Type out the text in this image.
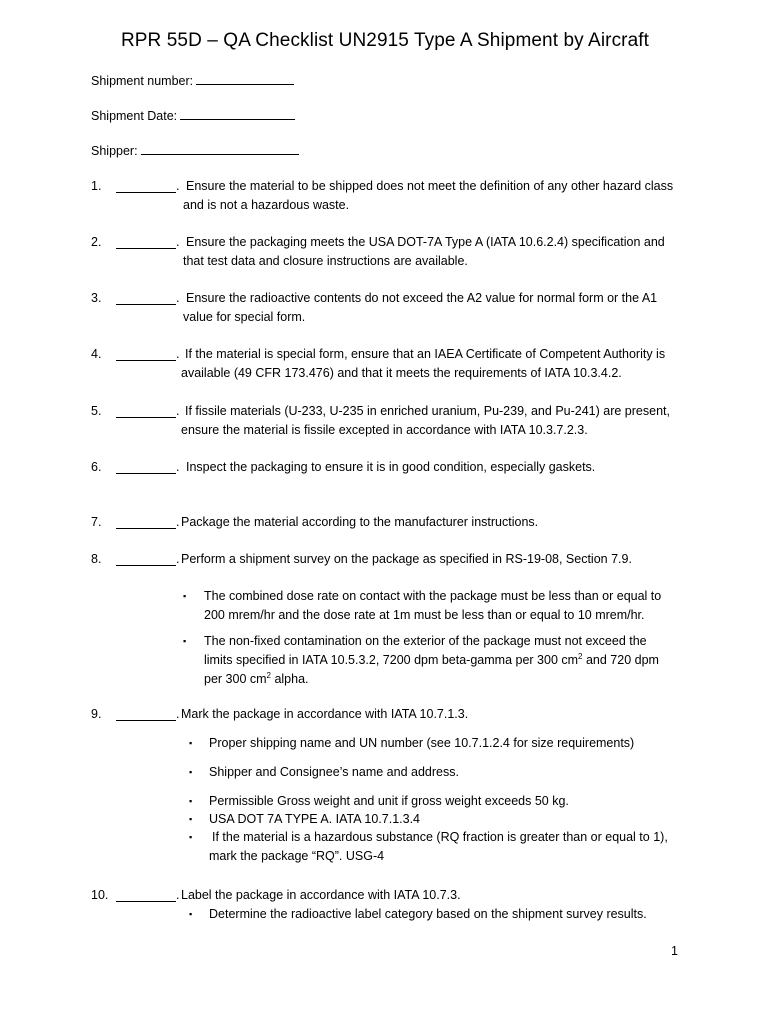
RPR 55D – QA Checklist UN2915 Type A Shipment by Aircraft
Shipment number:
Shipment Date:
Shipper:
1.	. Ensure the material to be shipped does not meet the definition of any other hazard class and is not a hazardous waste.
2.	. Ensure the packaging meets the USA DOT-7A Type A (IATA 10.6.2.4) specification and that test data and closure instructions are available.
3.	. Ensure the radioactive contents do not exceed the A2 value for normal form or the A1 value for special form.
4.	. If the material is special form, ensure that an IAEA Certificate of Competent Authority is available (49 CFR 173.476) and that it meets the requirements of IATA 10.3.4.2.
5.	. If fissile materials (U-233, U-235 in enriched uranium, Pu-239, and Pu-241) are present, ensure the material is fissile excepted in accordance with IATA 10.3.7.2.3.
6.	. Inspect the packaging to ensure it is in good condition, especially gaskets.
7.	. Package the material according to the manufacturer instructions.
8.	. Perform a shipment survey on the package as specified in RS-19-08, Section 7.9.
▪ The combined dose rate on contact with the package must be less than or equal to 200 mrem/hr and the dose rate at 1m must be less than or equal to 10 mrem/hr.
▪ The non-fixed contamination on the exterior of the package must not exceed the limits specified in IATA 10.5.3.2, 7200 dpm beta-gamma per 300 $cm^2$ and 720 dpm per 300 $cm^2$ alpha.
9.	. Mark the package in accordance with IATA 10.7.1.3.
▪ Proper shipping name and UN number (see 10.7.1.2.4 for size requirements)
▪ Shipper and Consignee’s name and address.
▪ Permissible Gross weight and unit if gross weight exceeds 50 kg.
▪ USA DOT 7A TYPE A. IATA 10.7.1.3.4
▪ If the material is a hazardous substance (RQ fraction is greater than or equal to 1), mark the package “RQ”. USG-4
10.	. Label the package in accordance with IATA 10.7.3.
▪ Determine the radioactive label category based on the shipment survey results.
1
